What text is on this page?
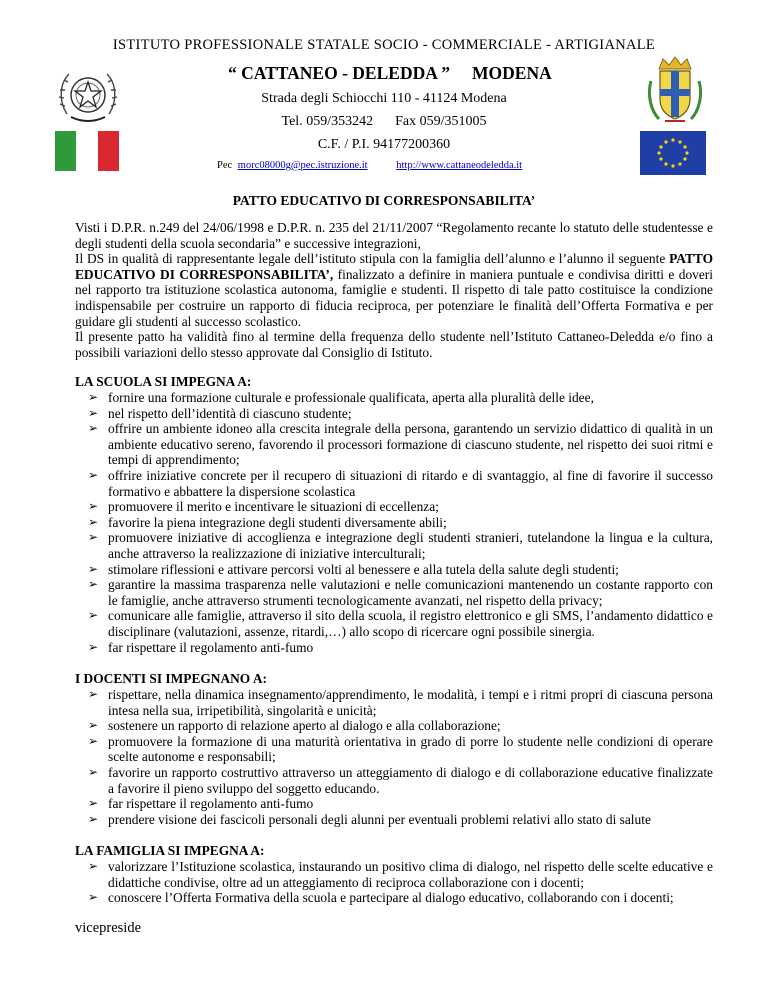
ISTITUTO PROFESSIONALE STATALE SOCIO - COMMERCIALE - ARTIGIANALE
“ CATTANEO - DELEDDA ” MODENA
Strada degli Schiocchi 110 - 41124 Modena
Tel. 059/353242 Fax 059/351005
C.F. / P.I. 94177200360
Pec morc08000g@pec.istruzione.it	http://www.cattaneodeledda.it
PATTO EDUCATIVO DI CORRESPONSABILITA’

Visti i D.P.R. n.249 del 24/06/1998 e D.P.R. n. 235 del 21/11/2007 “Regolamento recante lo statuto delle studentesse e degli studenti della scuola secondaria” e successive integrazioni,

Il DS in qualità di rappresentante legale dell’istituto stipula con la famiglia dell’alunno e l’alunno il seguente PATTO EDUCATIVO DI CORRESPONSABILITA’, finalizzato a definire in maniera puntuale e condivisa diritti e doveri nel rapporto tra istituzione scolastica autonoma, famiglie e studenti. Il rispetto di tale patto costituisce la condizione indispensabile per costruire un rapporto di fiducia reciproca, per potenziare le finalità dell’Offerta Formativa e per guidare gli studenti al successo scolastico.

Il presente patto ha validità fino al termine della frequenza dello studente nell’Istituto Cattaneo-Deledda e/o fino a possibili variazioni dello stesso approvate dal Consiglio di Istituto.

LA SCUOLA SI IMPEGNA A:
➢ fornire una formazione culturale e professionale qualificata, aperta alla pluralità delle idee,
➢ nel rispetto dell’identità di ciascuno studente;
➢ offrire un ambiente idoneo alla crescita integrale della persona, garantendo un servizio didattico di qualità in un ambiente educativo sereno, favorendo il processori formazione di ciascuno studente, nel rispetto dei suoi ritmi e tempi di apprendimento;
➢ offrire iniziative concrete per il recupero di situazioni di ritardo e di svantaggio, al fine di favorire il successo formativo e abbattere la dispersione scolastica
➢ promuovere il merito e incentivare le situazioni di eccellenza;
➢ favorire la piena integrazione degli studenti diversamente abili;
➢ promuovere iniziative di accoglienza e integrazione degli studenti stranieri, tutelandone la lingua e la cultura, anche attraverso la realizzazione di iniziative interculturali;
➢ stimolare riflessioni e attivare percorsi volti al benessere e alla tutela della salute degli studenti;
➢ garantire la massima trasparenza nelle valutazioni e nelle comunicazioni mantenendo un costante rapporto con le famiglie, anche attraverso strumenti tecnologicamente avanzati, nel rispetto della privacy;
➢ comunicare alle famiglie, attraverso il sito della scuola, il registro elettronico e gli SMS, l’andamento didattico e disciplinare (valutazioni, assenze, ritardi,…) allo scopo di ricercare ogni possibile sinergia.
➢ far rispettare il regolamento anti-fumo
I DOCENTI SI IMPEGNANO A:
➢ rispettare, nella dinamica insegnamento/apprendimento, le modalità, i tempi e i ritmi propri di ciascuna persona intesa nella sua, irripetibilità, singolarità e unicità;
➢ sostenere un rapporto di relazione aperto al dialogo e alla collaborazione;
➢ promuovere la formazione di una maturità orientativa in grado di porre lo studente nelle condizioni di operare scelte autonome e responsabili;
➢ favorire un rapporto costruttivo attraverso un atteggiamento di dialogo e di collaborazione educative finalizzate a favorire il pieno sviluppo del soggetto educando.
➢ far rispettare il regolamento anti-fumo
➢ prendere visione dei fascicoli personali degli alunni per eventuali problemi relativi allo stato di salute
LA FAMIGLIA SI IMPEGNA A:
➢ valorizzare l’Istituzione scolastica, instaurando un positivo clima di dialogo, nel rispetto delle scelte educative e didattiche condivise, oltre ad un atteggiamento di reciproca collaborazione con i docenti;
➢ conoscere l’Offerta Formativa della scuola e partecipare al dialogo educativo, collaborando con i docenti;
vicepreside
